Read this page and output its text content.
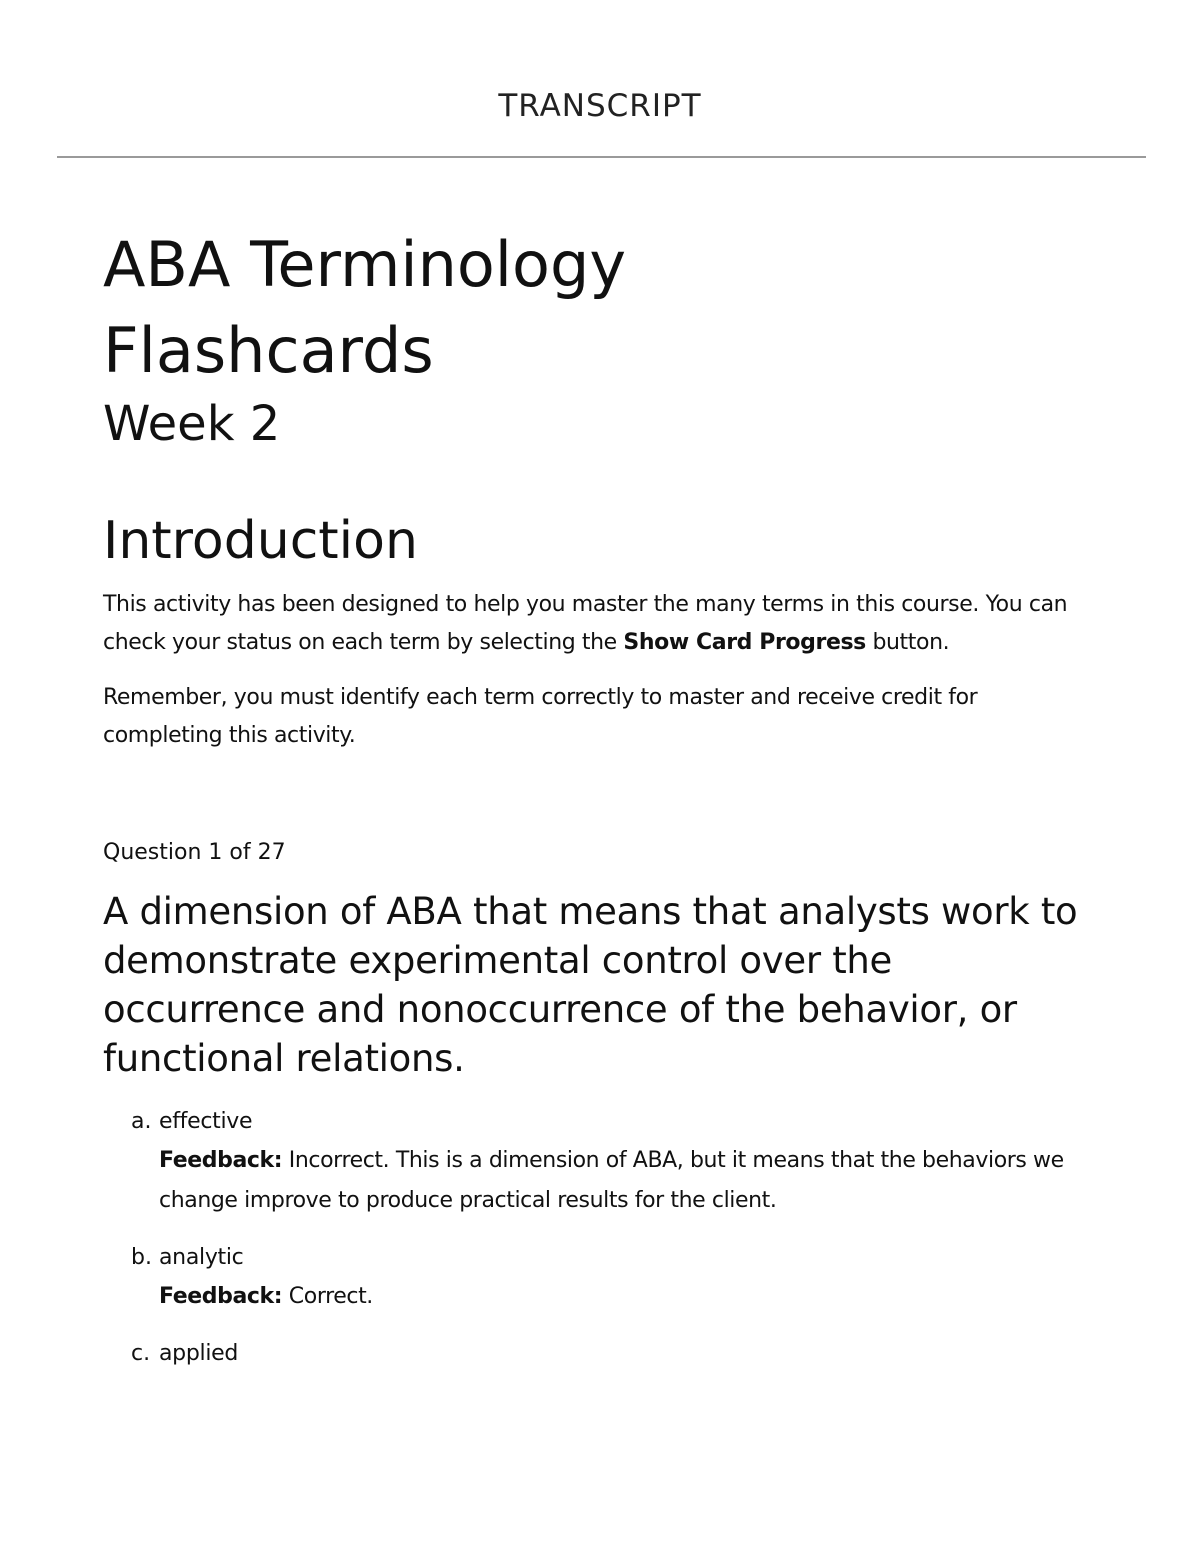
TRANSCRIPT
ABA Terminology
Flashcards
Week 2
Introduction

This activity has been designed to help you master the many terms in this course. You can check your status on each term by selecting the Show Card Progress button.

Remember, you must identify each term correctly to master and receive credit for completing this activity.

Question 1 of 27
A dimension of ABA that means that analysts work to demonstrate experimental control over the occurrence and nonoccurrence of the behavior, or functional relations.
a. effective
Feedback: Incorrect. This is a dimension of ABA, but it means that the behaviors we change improve to produce practical results for the client.
b. analytic
Feedback: Correct.
c. applied
